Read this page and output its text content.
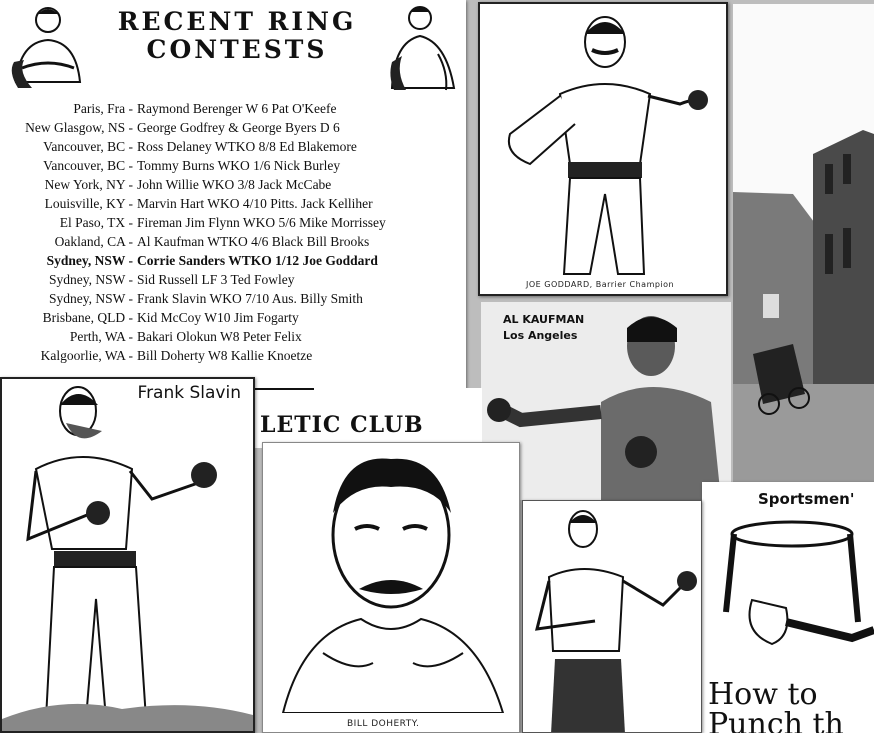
RECENT RING
CONTESTS
Paris, Fra - Raymond Berenger W 6 Pat O'Keefe
New Glasgow, NS - George Godfrey & George Byers D 6
Vancouver, BC - Ross Delaney WTKO 8/8 Ed Blakemore
Vancouver, BC - Tommy Burns WKO 1/6 Nick Burley
New York, NY - John Willie WKO 3/8 Jack McCabe
Louisville, KY - Marvin Hart WKO 4/10 Pitts. Jack Kelliher
El Paso, TX - Fireman Jim Flynn WKO 5/6 Mike Morrissey
Oakland, CA - Al Kaufman WTKO 4/6 Black Bill Brooks
Sydney, NSW - Corrie Sanders WTKO 1/12 Joe Goddard
Sydney, NSW - Sid Russell LF 3 Ted Fowley
Sydney, NSW - Frank Slavin WKO 7/10 Aus. Billy Smith
Brisbane, QLD - Kid McCoy W10 Jim Fogarty
Perth, WA - Bakari Olokun W8 Peter Felix
Kalgoorlie, WA - Bill Doherty W8 Kallie Knoetze
JOE GODDARD, Barrier Champion
AL KAUFMAN
Los Angeles
Sportsmen'
How to
Punch th
LETIC CLUB
BILL DOHERTY.
Frank Slavin
